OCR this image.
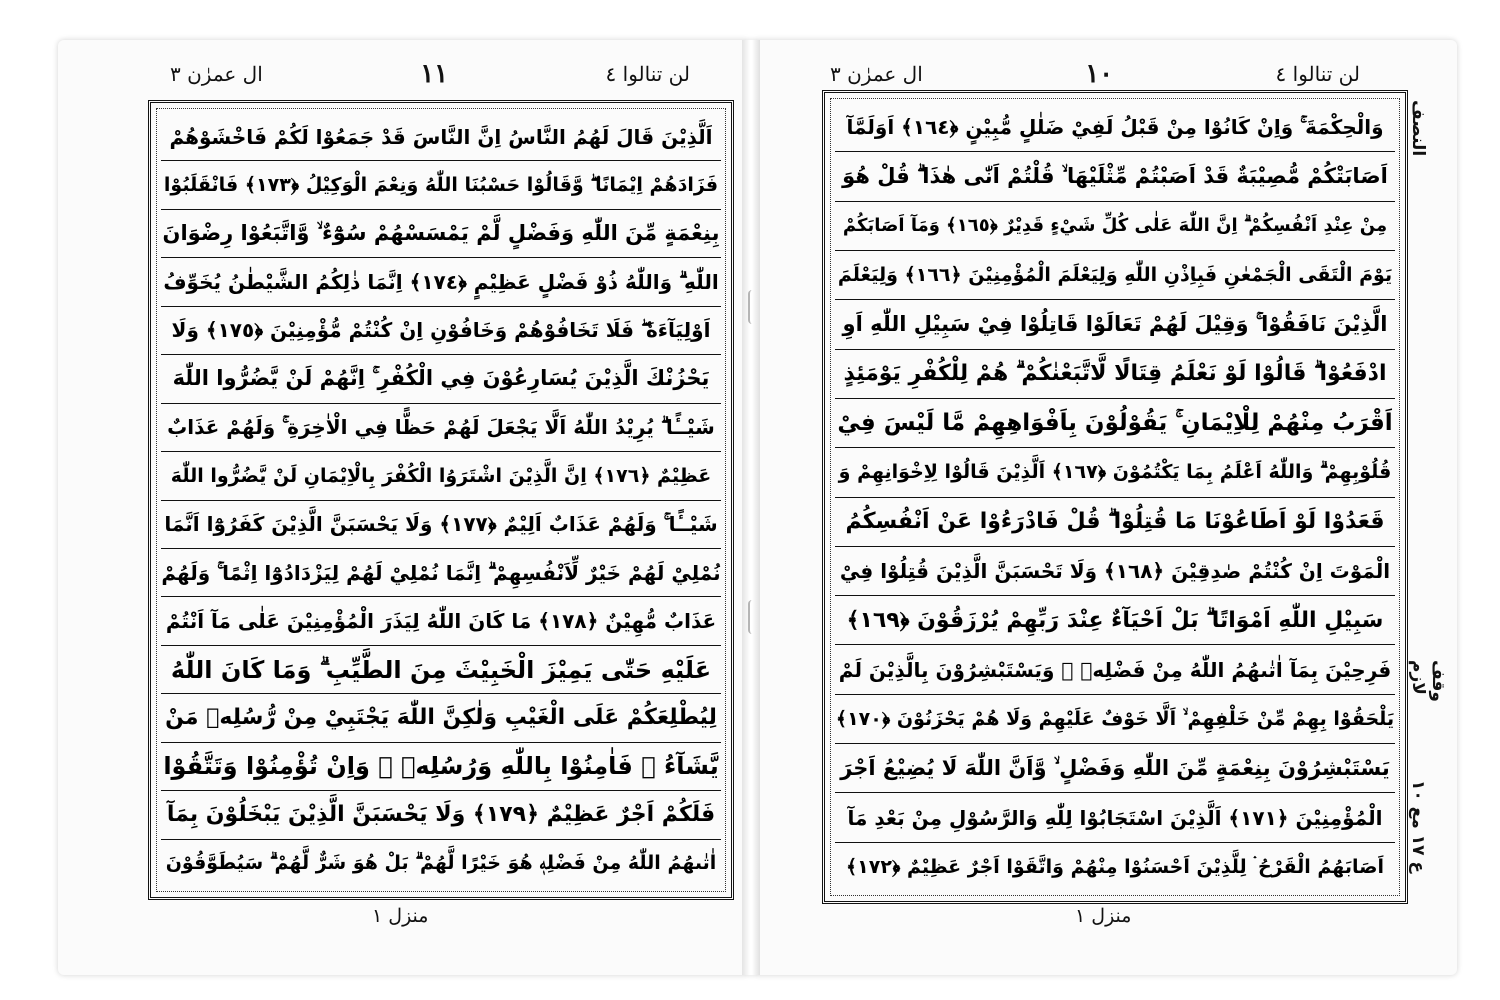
ال عمرٰن ٣	١١	لن تنالوا ٤
اَلَّذِيْنَ قَالَ لَهُمُ النَّاسُ اِنَّ النَّاسَ قَدْ جَمَعُوْا لَكُمْ فَاخْشَوْهُمْ
فَزَادَهُمْ اِيْمَانًا ۖ وَّقَالُوْا حَسْبُنَا اللّٰهُ وَنِعْمَ الْوَكِيْلُ ﴿١٧٣﴾ فَانْقَلَبُوْا
بِنِعْمَةٍ مِّنَ اللّٰهِ وَفَضْلٍ لَّمْ يَمْسَسْهُمْ سُوْٓءٌ ۙ وَّاتَّبَعُوْا رِضْوَانَ
اللّٰهِ ۗ وَاللّٰهُ ذُوْ فَضْلٍ عَظِيْمٍ ﴿١٧٤﴾ اِنَّمَا ذٰلِكُمُ الشَّيْطٰنُ يُخَوِّفُ
اَوْلِيَآءَهٗ ۖ فَلَا تَخَافُوْهُمْ وَخَافُوْنِ اِنْ كُنْتُمْ مُّؤْمِنِيْنَ ﴿١٧٥﴾ وَلَا
يَحْزُنْكَ الَّذِيْنَ يُسَارِعُوْنَ فِي الْكُفْرِ ۚ اِنَّهُمْ لَنْ يَّضُرُّوا اللّٰهَ
شَيْــًٔا ۗ يُرِيْدُ اللّٰهُ اَلَّا يَجْعَلَ لَهُمْ حَظًّا فِي الْاٰخِرَةِ ۚ وَلَهُمْ عَذَابٌ
عَظِيْمٌ ﴿١٧٦﴾ اِنَّ الَّذِيْنَ اشْتَرَوُا الْكُفْرَ بِالْاِيْمَانِ لَنْ يَّضُرُّوا اللّٰهَ
شَيْــًٔا ۚ وَلَهُمْ عَذَابٌ اَلِيْمٌ ﴿١٧٧﴾ وَلَا يَحْسَبَنَّ الَّذِيْنَ كَفَرُوْٓا اَنَّمَا
نُمْلِيْ لَهُمْ خَيْرٌ لِّاَنْفُسِهِمْ ۗ اِنَّمَا نُمْلِيْ لَهُمْ لِيَزْدَادُوْٓا اِثْمًا ۚ وَلَهُمْ
عَذَابٌ مُّهِيْنٌ ﴿١٧٨﴾ مَا كَانَ اللّٰهُ لِيَذَرَ الْمُؤْمِنِيْنَ عَلٰى مَآ اَنْتُمْ
عَلَيْهِ حَتّٰى يَمِيْزَ الْخَبِيْثَ مِنَ الطَّيِّبِ ۗ وَمَا كَانَ اللّٰهُ
لِيُطْلِعَكُمْ عَلَى الْغَيْبِ وَلٰكِنَّ اللّٰهَ يَجْتَبِيْ مِنْ رُّسُلِهٖ مَنْ
يَّشَآءُ ۖ فَاٰمِنُوْا بِاللّٰهِ وَرُسُلِهٖ ۚ وَاِنْ تُؤْمِنُوْا وَتَتَّقُوْا
فَلَكُمْ اَجْرٌ عَظِيْمٌ ﴿١٧٩﴾ وَلَا يَحْسَبَنَّ الَّذِيْنَ يَبْخَلُوْنَ بِمَآ
اٰتٰىهُمُ اللّٰهُ مِنْ فَضْلِهٖ هُوَ خَيْرًا لَّهُمْ ۗ بَلْ هُوَ شَرٌّ لَّهُمْ ۗ سَيُطَوَّقُوْنَ
منزل ١
ال عمرٰن ٣	١٠	لن تنالوا ٤
وَالْحِكْمَةَ ۚ وَاِنْ كَانُوْا مِنْ قَبْلُ لَفِيْ ضَلٰلٍ مُّبِيْنٍ ﴿١٦٤﴾ اَوَلَمَّآ
اَصَابَتْكُمْ مُّصِيْبَةٌ قَدْ اَصَبْتُمْ مِّثْلَيْهَا ۙ قُلْتُمْ اَنّٰى هٰذَا ۗ قُلْ هُوَ
مِنْ عِنْدِ اَنْفُسِكُمْ ۗ اِنَّ اللّٰهَ عَلٰى كُلِّ شَيْءٍ قَدِيْرٌ ﴿١٦٥﴾ وَمَآ اَصَابَكُمْ
يَوْمَ الْتَقَى الْجَمْعٰنِ فَبِاِذْنِ اللّٰهِ وَلِيَعْلَمَ الْمُؤْمِنِيْنَ ﴿١٦٦﴾ وَلِيَعْلَمَ
الَّذِيْنَ نَافَقُوْا ۚ وَقِيْلَ لَهُمْ تَعَالَوْا قَاتِلُوْا فِيْ سَبِيْلِ اللّٰهِ اَوِ
ادْفَعُوْا ۗ قَالُوْا لَوْ نَعْلَمُ قِتَالًا لَّاتَّبَعْنٰكُمْ ۗ هُمْ لِلْكُفْرِ يَوْمَئِذٍ
اَقْرَبُ مِنْهُمْ لِلْاِيْمَانِ ۚ يَقُوْلُوْنَ بِاَفْوَاهِهِمْ مَّا لَيْسَ فِيْ
قُلُوْبِهِمْ ۗ وَاللّٰهُ اَعْلَمُ بِمَا يَكْتُمُوْنَ ﴿١٦٧﴾ اَلَّذِيْنَ قَالُوْا لِاِخْوَانِهِمْ وَ
قَعَدُوْا لَوْ اَطَاعُوْنَا مَا قُتِلُوْا ۗ قُلْ فَادْرَءُوْا عَنْ اَنْفُسِكُمُ
الْمَوْتَ اِنْ كُنْتُمْ صٰدِقِيْنَ ﴿١٦٨﴾ وَلَا تَحْسَبَنَّ الَّذِيْنَ قُتِلُوْا فِيْ
سَبِيْلِ اللّٰهِ اَمْوَاتًا ۗ بَلْ اَحْيَآءٌ عِنْدَ رَبِّهِمْ يُرْزَقُوْنَ ﴿١٦٩﴾
فَرِحِيْنَ بِمَآ اٰتٰىهُمُ اللّٰهُ مِنْ فَضْلِهٖ ۙ وَيَسْتَبْشِرُوْنَ بِالَّذِيْنَ لَمْ
يَلْحَقُوْا بِهِمْ مِّنْ خَلْفِهِمْ ۙ اَلَّا خَوْفٌ عَلَيْهِمْ وَلَا هُمْ يَحْزَنُوْنَ ﴿١٧٠﴾
يَسْتَبْشِرُوْنَ بِنِعْمَةٍ مِّنَ اللّٰهِ وَفَضْلٍ ۙ وَّاَنَّ اللّٰهَ لَا يُضِيْعُ اَجْرَ
الْمُؤْمِنِيْنَ ﴿١٧١﴾ اَلَّذِيْنَ اسْتَجَابُوْا لِلّٰهِ وَالرَّسُوْلِ مِنْ بَعْدِ مَآ
اَصَابَهُمُ الْقَرْحُ ۛ لِلَّذِيْنَ اَحْسَنُوْا مِنْهُمْ وَاتَّقَوْا اَجْرٌ عَظِيْمٌ ﴿١٧٢﴾
منزل ١
النصف
وقف لازم
ع ١٧ مع ١٠
